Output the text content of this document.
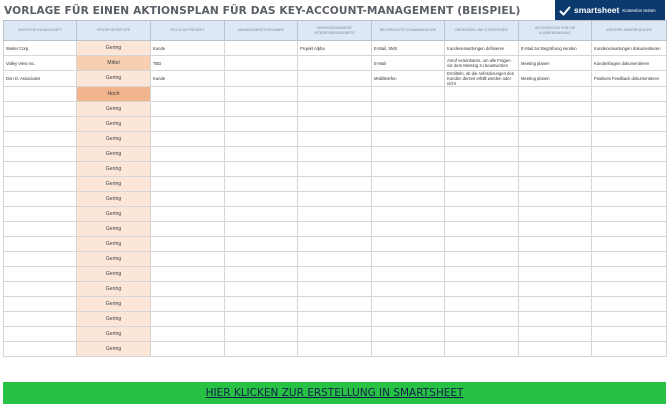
VORLAGE FÜR EINEN AKTIONSPLAN FÜR DAS KEY-ACCOUNT-MANAGEMENT (BEISPIEL)	smartsheet Kostenlos testen
WICHTIGE KUNDSCHAFT	PRIORITÄTSSTUFE	ROLLE IM PROJEKT	MANAGEMENTVORGABEN	WAHRGENOMMENE INTERESSENSGEBIETE	BEVORZUGTE KOMMUNIKATION	BEDENKEN UND STRATEGIEN	AKTIONSPLAN FÜR DIE KUNDENBINDUNG	WEITERE ANMERKUNGEN
Weiter Corp.	Gering	Kunde		Projekt Alpha	E-Mail, SMS	Kundenerwartungen definieren	E-Mail zur Begrüßung senden	Kundenerwartungen dokumentieren
Valley View Inc.	Mittel	TBD			E-Mail	Anruf vereinbaren, um alle Fragen vor dem Meeting zu beantworten	Meeting planen	Kundenfragen dokumentieren
Don D. Associates	Gering	Kunde			Mobiltelefon	Ermitteln, ob die Anforderungen des Kunden derzeit erfüllt werden oder nicht	Meeting planen	Positives Feedback dokumentieren
	Hoch							
	Gering							
	Gering							
	Gering							
	Gering							
	Gering							
	Gering							
	Gering							
	Gering							
	Gering							
	Gering							
	Gering							
	Gering							
	Gering							
	Gering							
	Gering							
	Gering							
	Gering							
HIER KLICKEN ZUR ERSTELLUNG IN SMARTSHEET
